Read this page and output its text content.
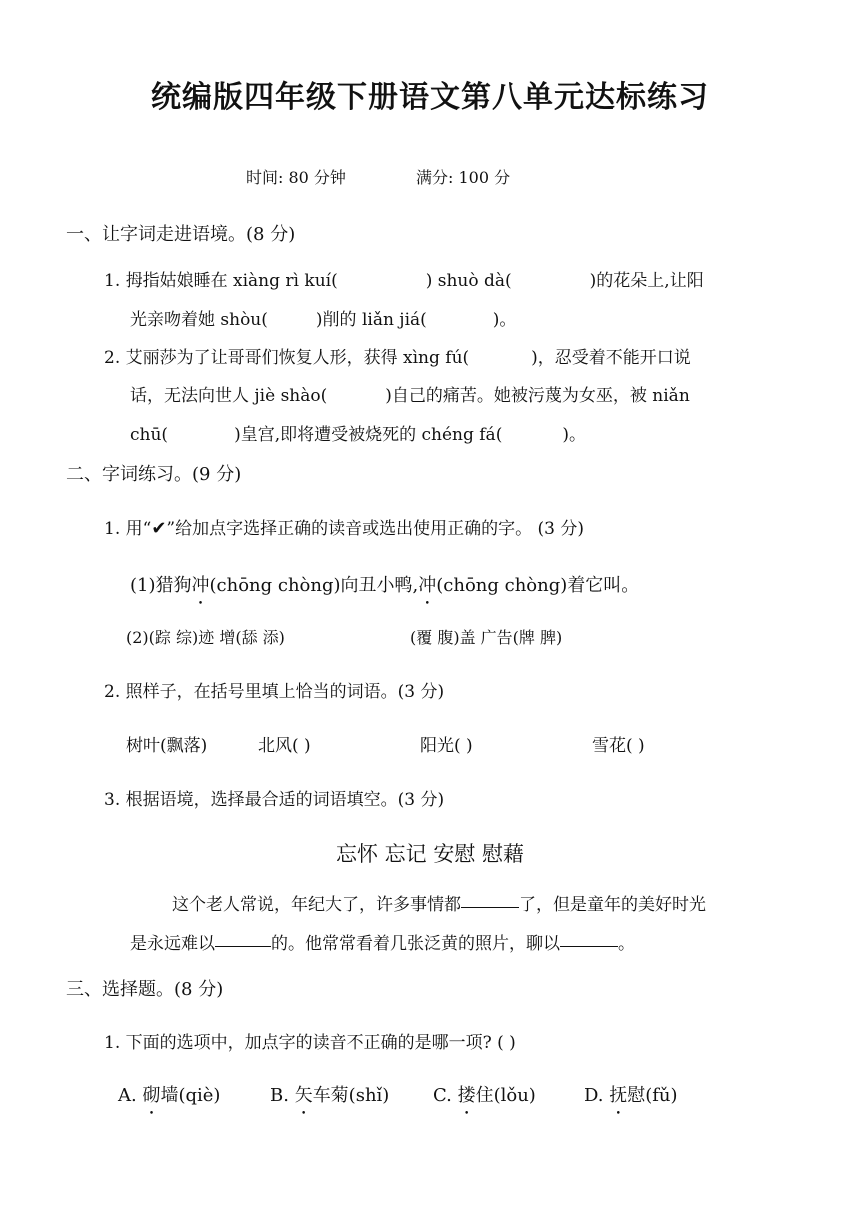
统编版四年级下册语文第八单元达标练习
时间: 80 分钟	满分: 100 分
一、让字词走进语境。(8 分)
1. 拇指姑娘睡在 xiàng rì kuí(	) shuò dà(	)的花朵上,让阳
光亲吻着她 shòu(	)削的 liǎn jiá(	)。
2. 艾丽莎为了让哥哥们恢复人形，获得 xìng fú(	)，忍受着不能开口说
话，无法向世人 jiè shào(	)自己的痛苦。她被污蔑为女巫，被 niǎn
chū(	)皇宫,即将遭受被烧死的 chéng fá(	)。
二、字词练习。(9 分)
1. 用“✔”给加点字选择正确的读音或选出使用正确的字。 (3 分)
(1)猎狗冲(chōng chòng)向丑小鸭,冲(chōng chòng)着它叫。
(2)(踪 综)迹 增(舔 添)	(覆 腹)盖 广告(牌 脾)
2. 照样子，在括号里填上恰当的词语。(3 分)
树叶(飘落)	北风( )	阳光( )	雪花( )
3. 根据语境，选择最合适的词语填空。(3 分)
忘怀 忘记 安慰 慰藉
这个老人常说，年纪大了，许多事情都	了，但是童年的美好时光
是永远难以	的。他常常看着几张泛黄的照片，聊以	。
三、选择题。(8 分)
1. 下面的选项中，加点字的读音不正确的是哪一项? ( )
A. 砌墙(qiè)	B. 矢车菊(shǐ) C. 搂住(lǒu)	D. 抚慰(fǔ)
